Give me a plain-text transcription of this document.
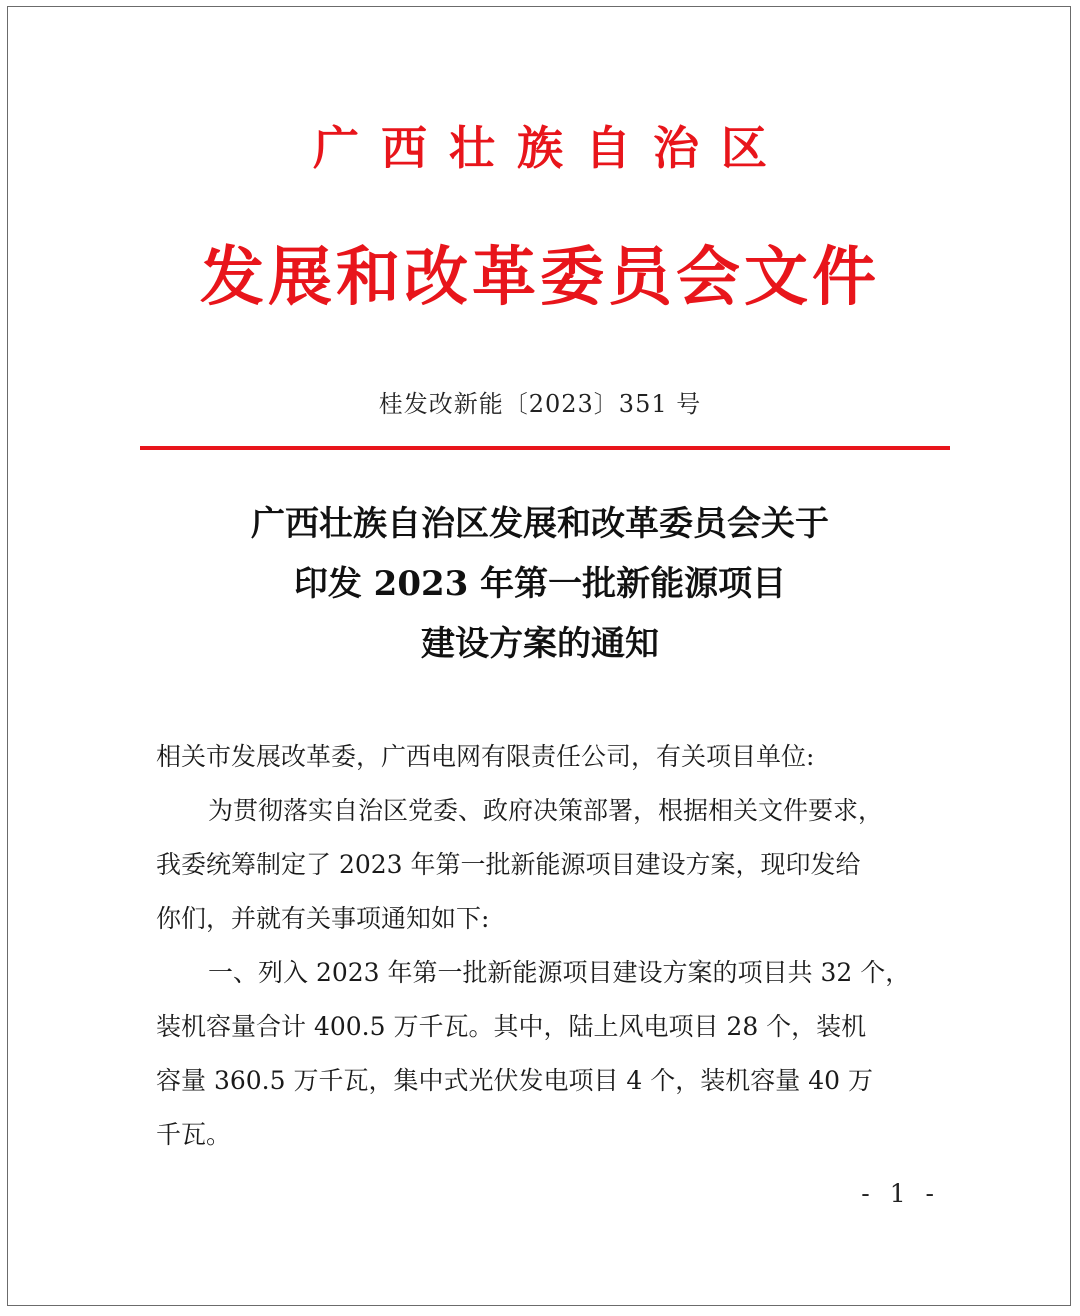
广西壮族自治区
发展和改革委员会文件
桂发改新能〔2023〕351 号
广西壮族自治区发展和改革委员会关于
印发 2023 年第一批新能源项目
建设方案的通知

相关市发展改革委，广西电网有限责任公司，有关项目单位:

为贯彻落实自治区党委、政府决策部署，根据相关文件要求，

我委统筹制定了 2023 年第一批新能源项目建设方案，现印发给

你们，并就有关事项通知如下:

一、列入 2023 年第一批新能源项目建设方案的项目共 32 个，

装机容量合计 400.5 万千瓦。其中，陆上风电项目 28 个，装机

容量 360.5 万千瓦，集中式光伏发电项目 4 个，装机容量 40 万

千瓦。

- 1 -
